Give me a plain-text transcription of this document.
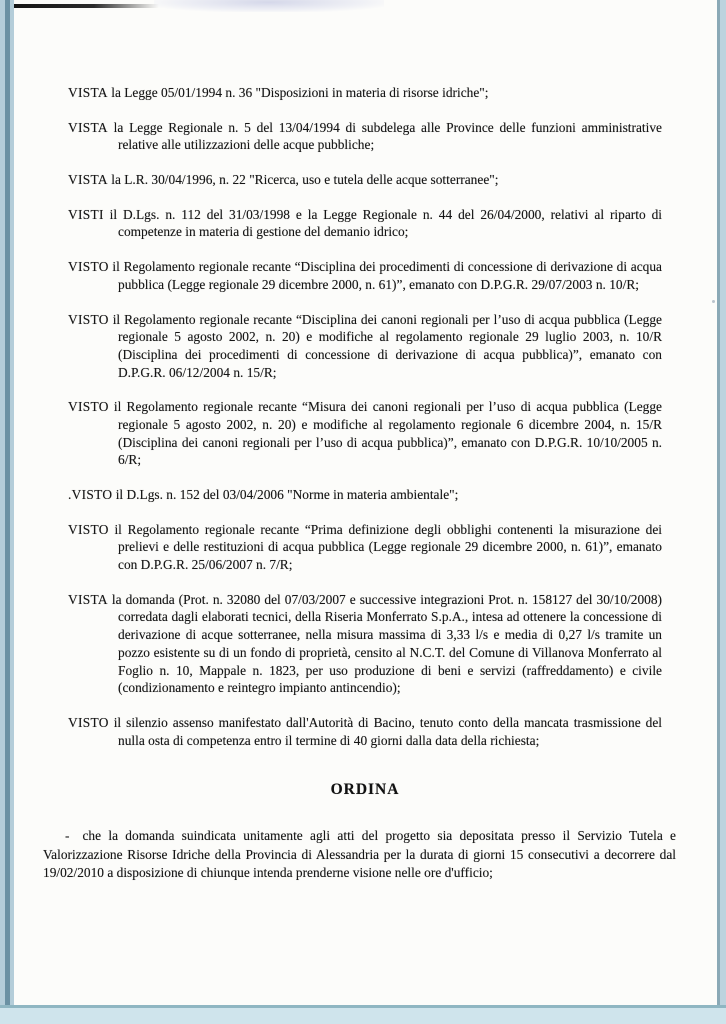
VISTA la Legge 05/01/1994 n. 36 "Disposizioni in materia di risorse idriche";

VISTA la Legge Regionale n. 5 del 13/04/1994 di subdelega alle Province delle funzioni amministrative relative alle utilizzazioni delle acque pubbliche;

VISTA la L.R. 30/04/1996, n. 22 "Ricerca, uso e tutela delle acque sotterranee";

VISTI il D.Lgs. n. 112 del 31/03/1998 e la Legge Regionale n. 44 del 26/04/2000, relativi al riparto di competenze in materia di gestione del demanio idrico;

VISTO il Regolamento regionale recante “Disciplina dei procedimenti di concessione di derivazione di acqua pubblica (Legge regionale 29 dicembre 2000, n. 61)”, emanato con D.P.G.R. 29/07/2003 n. 10/R;

VISTO il Regolamento regionale recante “Disciplina dei canoni regionali per l’uso di acqua pubblica (Legge regionale 5 agosto 2002, n. 20) e modifiche al regolamento regionale 29 luglio 2003, n. 10/R (Disciplina dei procedimenti di concessione di derivazione di acqua pubblica)”, emanato con D.P.G.R. 06/12/2004 n. 15/R;

VISTO il Regolamento regionale recante “Misura dei canoni regionali per l’uso di acqua pubblica (Legge regionale 5 agosto 2002, n. 20) e modifiche al regolamento regionale 6 dicembre 2004, n. 15/R (Disciplina dei canoni regionali per l’uso di acqua pubblica)”, emanato con D.P.G.R. 10/10/2005 n. 6/R;

.VISTO il D.Lgs. n. 152 del 03/04/2006 "Norme in materia ambientale";

VISTO il Regolamento regionale recante “Prima definizione degli obblighi contenenti la misurazione dei prelievi e delle restituzioni di acqua pubblica (Legge regionale 29 dicembre 2000, n. 61)”, emanato con D.P.G.R. 25/06/2007 n. 7/R;

VISTA la domanda (Prot. n. 32080 del 07/03/2007 e successive integrazioni Prot. n. 158127 del 30/10/2008) corredata dagli elaborati tecnici, della Riseria Monferrato S.p.A., intesa ad ottenere la concessione di derivazione di acque sotterranee, nella misura massima di 3,33 l/s e media di 0,27 l/s tramite un pozzo esistente su di un fondo di proprietà, censito al N.C.T. del Comune di Villanova Monferrato al Foglio n. 10, Mappale n. 1823, per uso produzione di beni e servizi (raffreddamento) e civile (condizionamento e reintegro impianto antincendio);

VISTO il silenzio assenso manifestato dall'Autorità di Bacino, tenuto conto della mancata trasmissione del nulla osta di competenza entro il termine di 40 giorni dalla data della richiesta;

ORDINA

- che la domanda suindicata unitamente agli atti del progetto sia depositata presso il Servizio Tutela e Valorizzazione Risorse Idriche della Provincia di Alessandria per la durata di giorni 15 consecutivi a decorrere dal 19/02/2010 a disposizione di chiunque intenda prenderne visione nelle ore d'ufficio;
